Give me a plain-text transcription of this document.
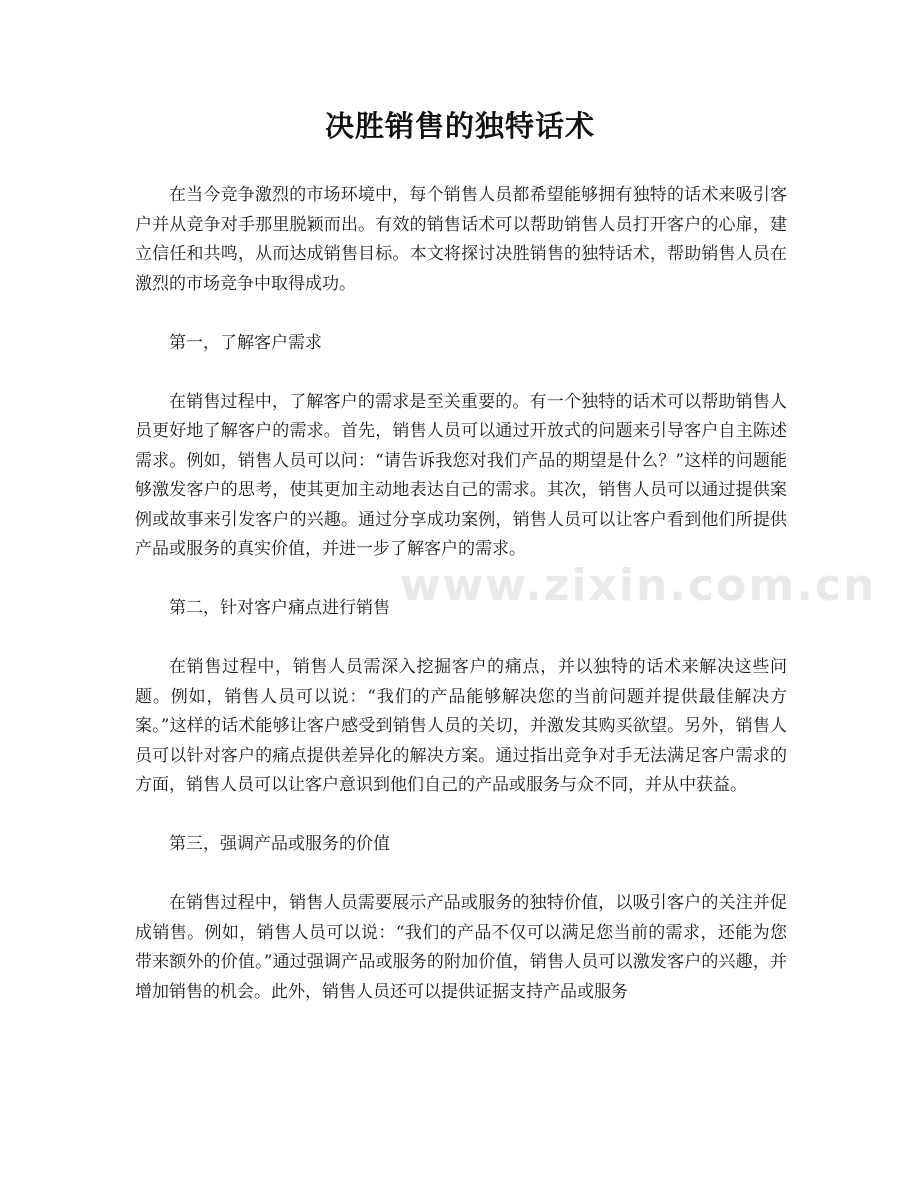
www.zixin.com.cn
决胜销售的独特话术

在当今竞争激烈的市场环境中，每个销售人员都希望能够拥有独特的话术来吸引客户并从竞争对手那里脱颖而出。有效的销售话术可以帮助销售人员打开客户的心扉，建立信任和共鸣，从而达成销售目标。本文将探讨决胜销售的独特话术，帮助销售人员在激烈的市场竞争中取得成功。

第一，了解客户需求

在销售过程中，了解客户的需求是至关重要的。有一个独特的话术可以帮助销售人员更好地了解客户的需求。首先，销售人员可以通过开放式的问题来引导客户自主陈述需求。例如，销售人员可以问：“请告诉我您对我们产品的期望是什么？”这样的问题能够激发客户的思考，使其更加主动地表达自己的需求。其次，销售人员可以通过提供案例或故事来引发客户的兴趣。通过分享成功案例，销售人员可以让客户看到他们所提供产品或服务的真实价值，并进一步了解客户的需求。

第二，针对客户痛点进行销售

在销售过程中，销售人员需深入挖掘客户的痛点，并以独特的话术来解决这些问题。例如，销售人员可以说：“我们的产品能够解决您的当前问题并提供最佳解决方案。”这样的话术能够让客户感受到销售人员的关切，并激发其购买欲望。另外，销售人员可以针对客户的痛点提供差异化的解决方案。通过指出竞争对手无法满足客户需求的方面，销售人员可以让客户意识到他们自己的产品或服务与众不同，并从中获益。

第三，强调产品或服务的价值

在销售过程中，销售人员需要展示产品或服务的独特价值，以吸引客户的关注并促成销售。例如，销售人员可以说：“我们的产品不仅可以满足您当前的需求，还能为您带来额外的价值。”通过强调产品或服务的附加价值，销售人员可以激发客户的兴趣，并增加销售的机会。此外，销售人员还可以提供证据支持产品或服务
